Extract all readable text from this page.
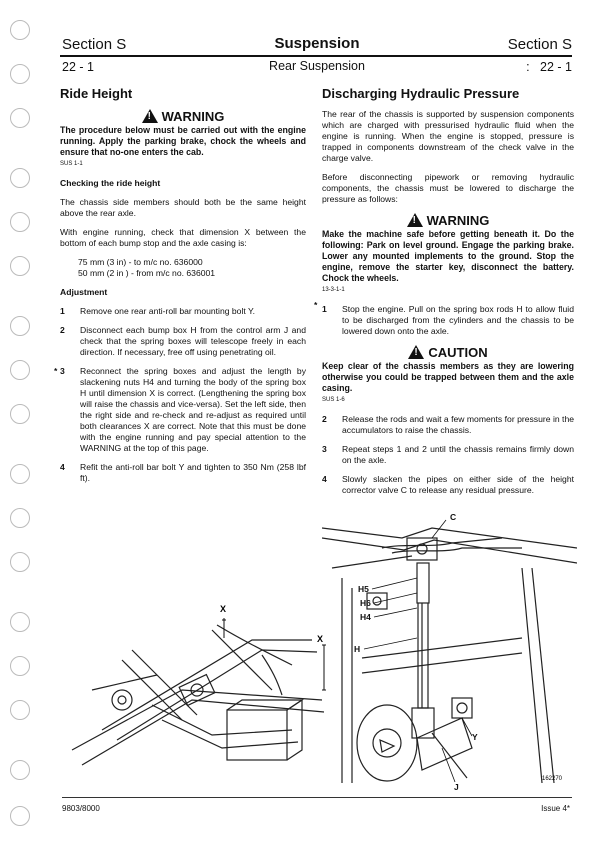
Section S	Suspension	Section S
22 - 1	Rear Suspension	: 22 - 1
Ride Height
!WARNING

The procedure below must be carried out with the engine running. Apply the parking brake, chock the wheels and ensure that no-one enters the cab.

SUS 1-1
Checking the ride height

The chassis side members should both be the same height above the rear axle.

With engine running, check that dimension X between the bottom of each bump stop and the axle casing is:

75 mm (3 in) - to m/c no. 636000
50 mm (2 in ) - from m/c no. 636001
Adjustment
1 Remove one rear anti-roll bar mounting bolt Y.
2 Disconnect each bump box H from the control arm J and check that the spring boxes will telescope freely in each direction. If necessary, free off using penetrating oil.
* 3 Reconnect the spring boxes and adjust the length by slackening nuts H4 and turning the body of the spring box H until dimension X is correct. (Lengthening the spring box will raise the chassis and vice-versa). Set the left side, then the right side and re-check and re-adjust as required until both clearances X are correct. Note that this must be done with the engine running and pay special attention to the WARNING at the top of this page.
4 Refit the anti-roll bar bolt Y and tighten to 350 Nm (258 lbf ft).
Discharging Hydraulic Pressure

The rear of the chassis is supported by suspension components which are charged with pressurised hydraulic fluid when the engine is running. When the engine is stopped, pressure is trapped in components downstream of the check valve in the charge valve.

Before disconnecting pipework or removing hydraulic components, the chassis must be lowered to discharge the pressure as follows:

!WARNING

Make the machine safe before getting beneath it. Do the following: Park on level ground. Engage the parking brake. Lower any mounted implements to the ground. Stop the engine, remove the starter key, disconnect the battery. Chock the wheels.

13-3-1-1
* 1 Stop the engine. Pull on the spring box rods H to allow fluid to be discharged from the cylinders and the chassis to be lowered down onto the axle.
!CAUTION

Keep clear of the chassis members as they are lowering otherwise you could be trapped between them and the axle casing.

SUS 1-6
2 Release the rods and wait a few moments for pressure in the accumulators to raise the chassis.
3 Repeat steps 1 and 2 until the chassis remains firmly down on the axle.
4 Slowly slacken the pipes on either side of the height corrector valve C to release any residual pressure.
X
X
C
H5
H6
H4
H
Y
J
162270
9803/8000	Issue 4*
